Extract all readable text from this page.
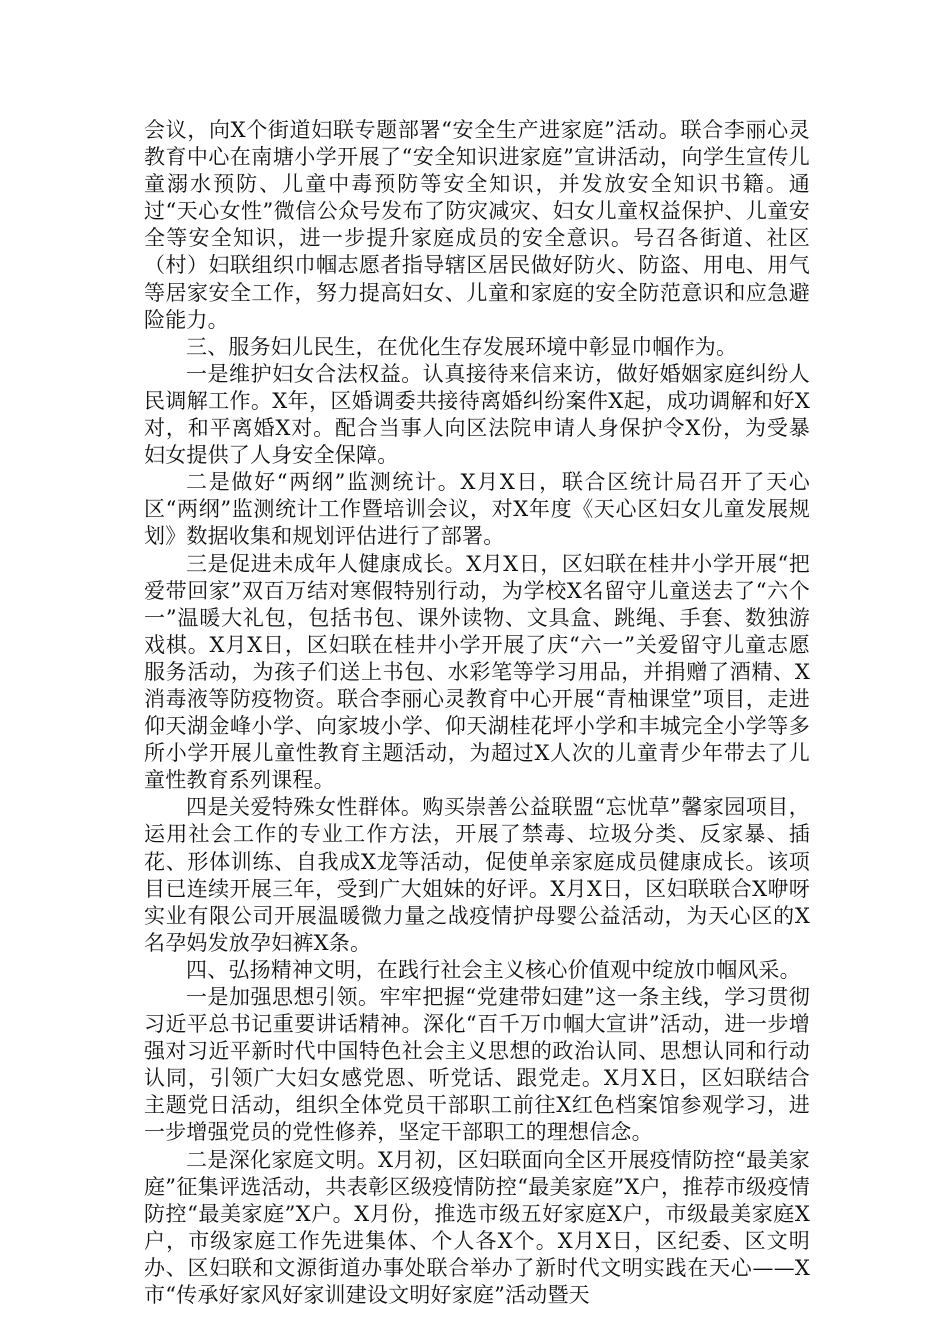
会议，向X个街道妇联专题部署“安全生产进家庭”活动。联合李丽心灵教育中心在南塘小学开展了“安全知识进家庭”宣讲活动，向学生宣传儿童溺水预防、儿童中毒预防等安全知识，并发放安全知识书籍。通过“天心女性”微信公众号发布了防灾减灾、妇女儿童权益保护、儿童安全等安全知识，进一步提升家庭成员的安全意识。号召各街道、社区（村）妇联组织巾帼志愿者指导辖区居民做好防火、防盗、用电、用气等居家安全工作，努力提高妇女、儿童和家庭的安全防范意识和应急避险能力。

三、服务妇儿民生，在优化生存发展环境中彰显巾帼作为。

一是维护妇女合法权益。认真接待来信来访，做好婚姻家庭纠纷人民调解工作。X年，区婚调委共接待离婚纠纷案件X起，成功调解和好X对，和平离婚X对。配合当事人向区法院申请人身保护令X份，为受暴妇女提供了人身安全保障。

二是做好“两纲”监测统计。X月X日，联合区统计局召开了天心区“两纲”监测统计工作暨培训会议，对X年度《天心区妇女儿童发展规划》数据收集和规划评估进行了部署。

三是促进未成年人健康成长。X月X日，区妇联在桂井小学开展“把爱带回家”双百万结对寒假特别行动，为学校X名留守儿童送去了“六个一”温暖大礼包，包括书包、课外读物、文具盒、跳绳、手套、数独游戏棋。X月X日，区妇联在桂井小学开展了庆“六一”关爱留守儿童志愿服务活动，为孩子们送上书包、水彩笔等学习用品，并捐赠了酒精、X消毒液等防疫物资。联合李丽心灵教育中心开展“青柚课堂”项目，走进仰天湖金峰小学、向家坡小学、仰天湖桂花坪小学和丰城完全小学等多所小学开展儿童性教育主题活动，为超过X人次的儿童青少年带去了儿童性教育系列课程。

四是关爱特殊女性群体。购买崇善公益联盟“忘忧草”馨家园项目，运用社会工作的专业工作方法，开展了禁毒、垃圾分类、反家暴、插花、形体训练、自我成X龙等活动，促使单亲家庭成员健康成长。该项目已连续开展三年，受到广大姐妹的好评。X月X日，区妇联联合X咿呀实业有限公司开展温暖微力量之战疫情护母婴公益活动，为天心区的X名孕妈发放孕妇裤X条。

四、弘扬精神文明，在践行社会主义核心价值观中绽放巾帼风采。

一是加强思想引领。牢牢把握“党建带妇建”这一条主线，学习贯彻习近平总书记重要讲话精神。深化“百千万巾帼大宣讲”活动，进一步增强对习近平新时代中国特色社会主义思想的政治认同、思想认同和行动认同，引领广大妇女感党恩、听党话、跟党走。X月X日，区妇联结合主题党日活动，组织全体党员干部职工前往X红色档案馆参观学习，进一步增强党员的党性修养，坚定干部职工的理想信念。

二是深化家庭文明。X月初，区妇联面向全区开展疫情防控“最美家庭”征集评选活动，共表彰区级疫情防控“最美家庭”X户，推荐市级疫情防控“最美家庭”X户。X月份，推选市级五好家庭X户，市级最美家庭X户，市级家庭工作先进集体、个人各X个。X月X日，区纪委、区文明办、区妇联和文源街道办事处联合举办了新时代文明实践在天心——X市“传承好家风好家训建设文明好家庭”活动暨天
